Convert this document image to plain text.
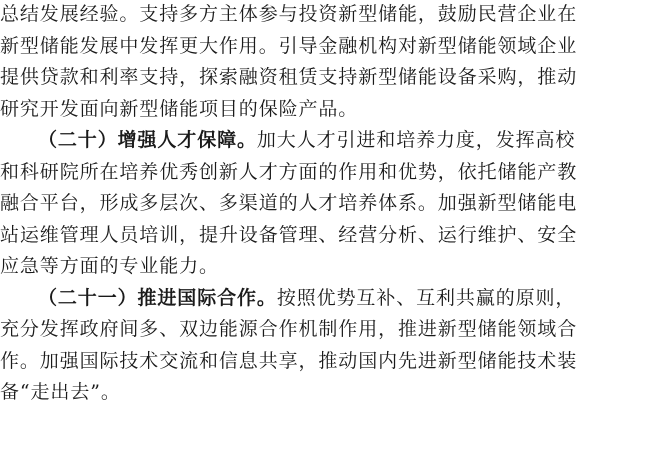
总结发展经验。支持多方主体参与投资新型储能，鼓励民营企业在
新型储能发展中发挥更大作用。引导金融机构对新型储能领域企业
提供贷款和利率支持，探索融资租赁支持新型储能设备采购，推动
研究开发面向新型储能项目的保险产品。
（二十）增强人才保障。加大人才引进和培养力度，发挥高校
和科研院所在培养优秀创新人才方面的作用和优势，依托储能产教
融合平台，形成多层次、多渠道的人才培养体系。加强新型储能电
站运维管理人员培训，提升设备管理、经营分析、运行维护、安全
应急等方面的专业能力。
（二十一）推进国际合作。按照优势互补、互利共赢的原则，
充分发挥政府间多、双边能源合作机制作用，推进新型储能领域合
作。加强国际技术交流和信息共享，推动国内先进新型储能技术装
备“走出去”。
